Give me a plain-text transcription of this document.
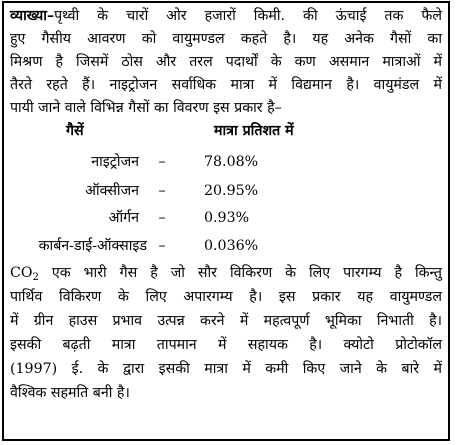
व्याख्या–पृथ्वी के चारों ओर हजारों किमी. की ऊंचाई तक फैले
हुए गैसीय आवरण को वायुमण्डल कहते है। यह अनेक गैसों का
मिश्रण है जिसमें ठोस और तरल पदार्थों के कण असमान मात्राओं में
तैरते रहते हैं। नाइट्रोजन सर्वाधिक मात्रा में विद्यमान है। वायुमंडल में
पायी जाने वाले विभिन्न गैसों का विवरण इस प्रकार है–
गैसें	मात्रा प्रतिशत में
नाइट्रोजन	–	78.08%
ऑक्सीजन	–	20.95%
ऑर्गन	–	0.93%
कार्बन-डाई-ऑक्साइड –	0.036%
$CO_2$ एक भारी गैस है जो सौर विकिरण के लिए पारगम्य है किन्तु
पार्थिव विकिरण के लिए अपारगम्य है। इस प्रकार यह वायुमण्डल
में ग्रीन हाउस प्रभाव उत्पन्न करने में महत्वपूर्ण भूमिका निभाती है।
इसकी बढ़ती मात्रा तापमान में सहायक है। क्योटो प्रोटोकॉल
(1997) ई. के द्वारा इसकी मात्रा में कमी किए जाने के बारे में
वैश्विक सहमति बनी है।
